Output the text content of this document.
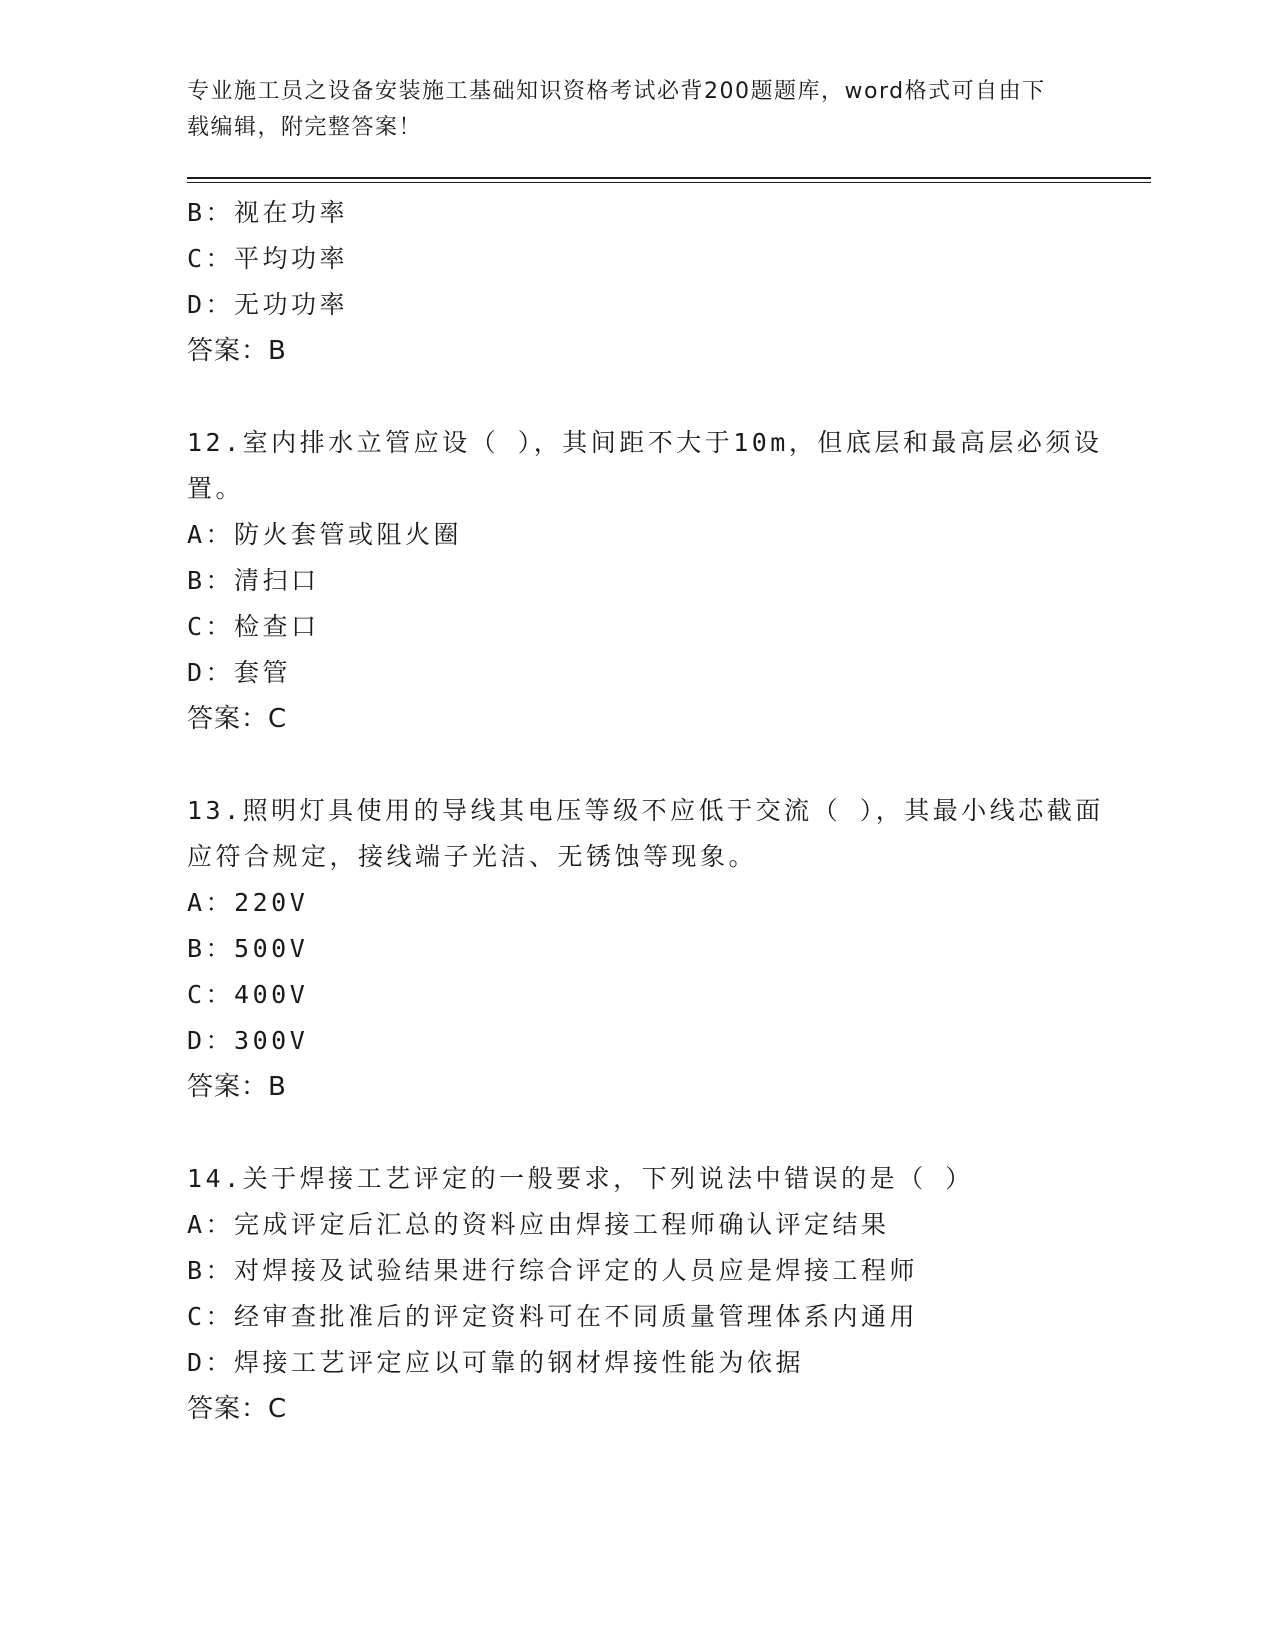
专业施工员之设备安装施工基础知识资格考试必背200题题库，word格式可自由下载编辑，附完整答案！
B：视在功率
C：平均功率
D：无功功率
答案：B
12.室内排水立管应设（ ），其间距不大于10m，但底层和最高层必须设置。
A：防火套管或阻火圈
B：清扫口
C：检查口
D：套管
答案：C
13.照明灯具使用的导线其电压等级不应低于交流（ ），其最小线芯截面应符合规定，接线端子光洁、无锈蚀等现象。
A：220V
B：500V
C：400V
D：300V
答案：B
14.关于焊接工艺评定的一般要求，下列说法中错误的是（ ）
A：完成评定后汇总的资料应由焊接工程师确认评定结果
B：对焊接及试验结果进行综合评定的人员应是焊接工程师
C：经审查批准后的评定资料可在不同质量管理体系内通用
D：焊接工艺评定应以可靠的钢材焊接性能为依据
答案：C
